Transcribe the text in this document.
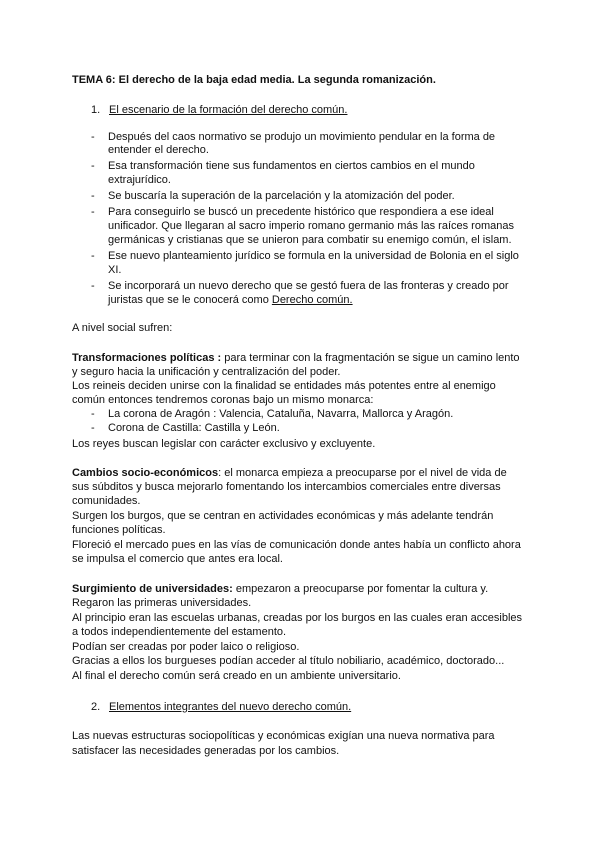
TEMA 6: El derecho de la baja edad media. La segunda romanización.
1. El escenario de la formación del derecho común.
- Después del caos normativo se produjo un movimiento pendular en la forma de
entender el derecho.
- Esa transformación tiene sus fundamentos en ciertos cambios en el mundo
extrajurídico.
- Se buscaría la superación de la parcelación y la atomización del poder.
- Para conseguirlo se buscó un precedente histórico que respondiera a ese ideal
unificador. Que llegaran al sacro imperio romano germanio más las raíces romanas
germánicas y cristianas que se unieron para combatir su enemigo común, el islam.
- Ese nuevo planteamiento jurídico se formula en la universidad de Bolonia en el siglo
XI.
- Se incorporará un nuevo derecho que se gestó fuera de las fronteras y creado por
juristas que se le conocerá como Derecho común.
A nivel social sufren:
Transformaciones políticas : para terminar con la fragmentación se sigue un camino lento
y seguro hacia la unificación y centralización del poder.
Los reineis deciden unirse con la finalidad se entidades más potentes entre al enemigo
común entonces tendremos coronas bajo un mismo monarca:
- La corona de Aragón : Valencia, Cataluña, Navarra, Mallorca y Aragón.
- Corona de Castilla: Castilla y León.
Los reyes buscan legislar con carácter exclusivo y excluyente.
Cambios socio-económicos: el monarca empieza a preocuparse por el nivel de vida de
sus súbditos y busca mejorarlo fomentando los intercambios comerciales entre diversas
comunidades.
Surgen los burgos, que se centran en actividades económicas y más adelante tendrán
funciones políticas.
Floreció el mercado pues en las vías de comunicación donde antes había un conflicto ahora
se impulsa el comercio que antes era local.
Surgimiento de universidades: empezaron a preocuparse por fomentar la cultura y.
Regaron las primeras universidades.
Al principio eran las escuelas urbanas, creadas por los burgos en las cuales eran accesibles
a todos independientemente del estamento.
Podían ser creadas por poder laico o religioso.
Gracias a ellos los burgueses podían acceder al título nobiliario, académico, doctorado...
Al final el derecho común será creado en un ambiente universitario.
2. Elementos integrantes del nuevo derecho común.
Las nuevas estructuras sociopolíticas y económicas exigían una nueva normativa para
satisfacer las necesidades generadas por los cambios.
